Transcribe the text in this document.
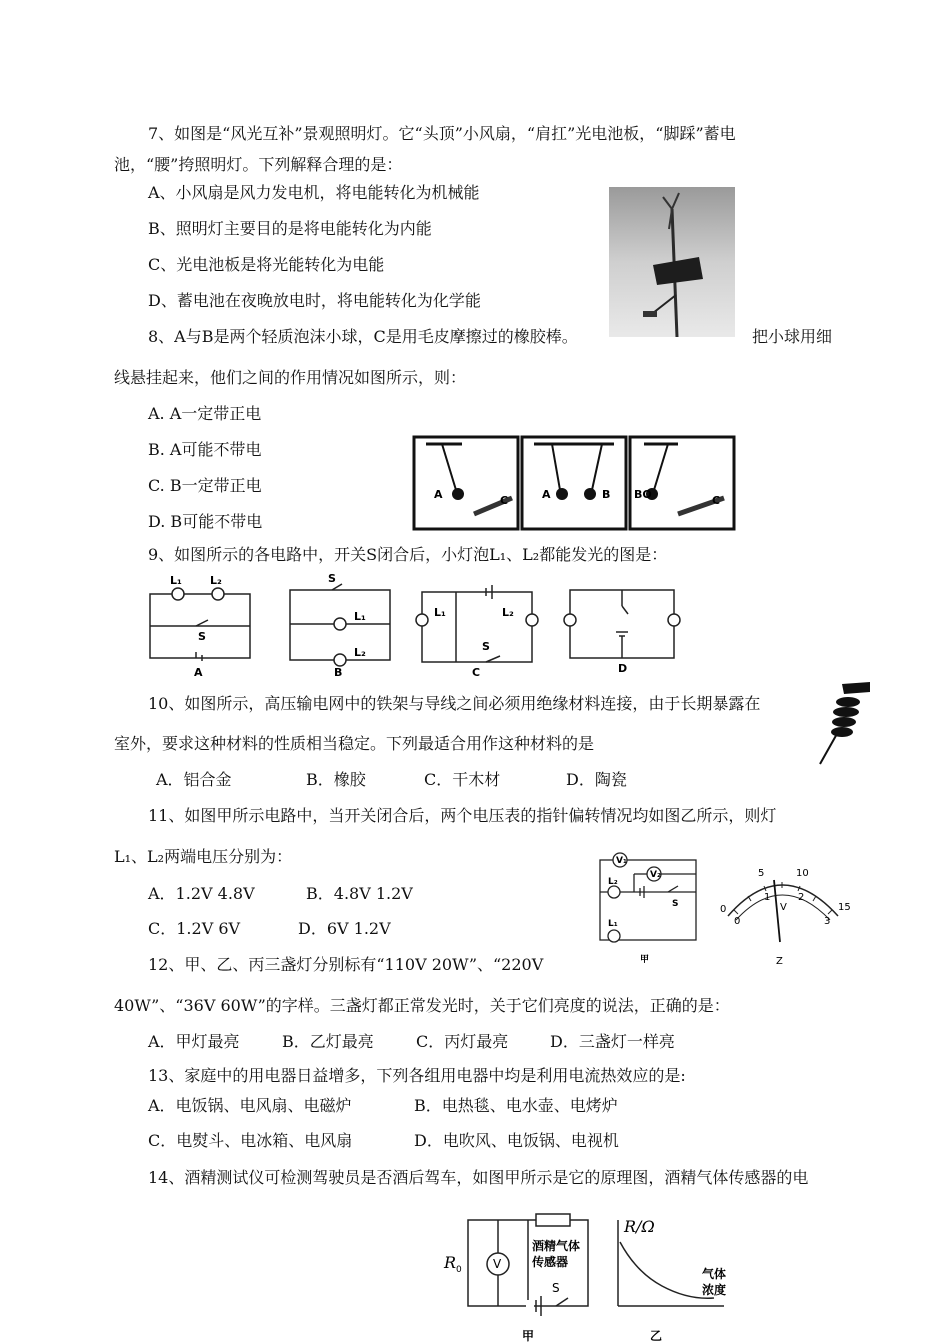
7、如图是“风光互补”景观照明灯。它“头顶”小风扇，“肩扛”光电池板，“脚踩”蓄电
池，“腰”挎照明灯。下列解释合理的是：
A、小风扇是风力发电机，将电能转化为机械能
B、照明灯主要目的是将电能转化为内能
C、光电池板是将光能转化为电能
D、蓄电池在夜晚放电时，将电能转化为化学能
8、A与B是两个轻质泡沫小球，C是用毛皮摩擦过的橡胶棒。	把小球用细
线悬挂起来，他们之间的作用情况如图所示，则：
A. A一定带正电
B. A可能不带电
C. B一定带正电
D. B可能不带电
A	C	A	B BO	C
9、如图所示的各电路中，开关S闭合后，小灯泡L₁、L₂都能发光的图是：
L₁	L₂
S
A
S
L₁
L₂
B
L₁	L₂
S
C	D
10、如图所示，高压输电网中的铁架与导线之间必须用绝缘材料连接，由于长期暴露在
室外，要求这种材料的性质相当稳定。下列最适合用作这种材料的是
A．铝合金	B．橡胶	C．干木材	D．陶瓷
11、如图甲所示电路中，当开关闭合后，两个电压表的指针偏转情况均如图乙所示，则灯
L₁、L₂两端电压分别为：
A．1.2V 4.8V	B．4.8V 1.2V
C．1.2V 6V	D．6V 1.2V
V₁
V₂
L₂
S
L₁
甲
0
5	10
15
0
1	2
3
V
Z
12、甲、乙、丙三盏灯分别标有“110V 20W”、“220V
40W”、“36V 60W”的字样。三盏灯都正常发光时，关于它们亮度的说法，正确的是：
A．甲灯最亮	B．乙灯最亮	C．丙灯最亮	D．三盏灯一样亮
13、家庭中的用电器日益增多，下列各组用电器中均是利用电流热效应的是:
A．电饭锅、电风扇、电磁炉	B．电热毯、电水壶、电烤炉
C．电熨斗、电冰箱、电风扇	D．电吹风、电饭锅、电视机
14、酒精测试仪可检测驾驶员是否酒后驾车，如图甲所示是它的原理图，酒精气体传感器的电
R 0	V
酒精气体
传感器
S
甲
R/Ω
气体
浓度
乙
